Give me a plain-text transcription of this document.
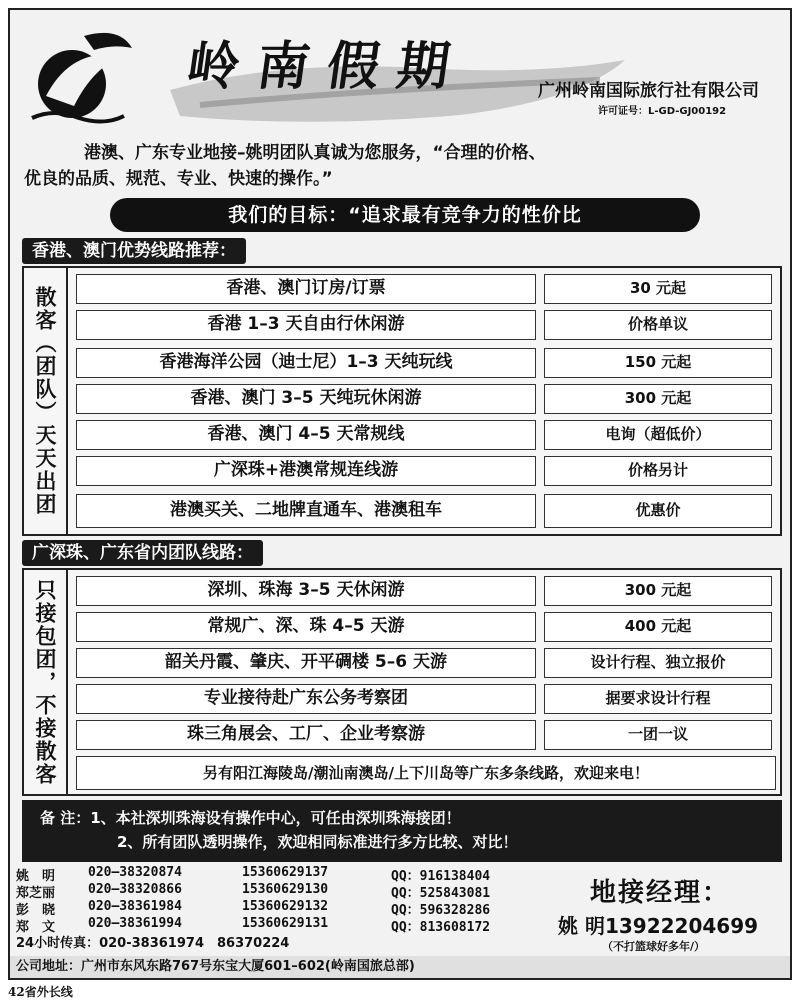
岭南假期	广州岭南国际旅行社有限公司
许可证号：L-GD-GJ00192
港澳、广东专业地接–姚明团队真诚为您服务，“合理的价格、
优良的品质、规范、专业、快速的操作。”
我们的目标：“追求最有竞争力的性价比
香港、澳门优势线路推荐：
散客（团队）天天出团	香港、澳门订房/订票	30 元起
香港 1–3 天自由行休闲游	价格单议
香港海洋公园（迪士尼）1–3 天纯玩线	150 元起
香港、澳门 3–5 天纯玩休闲游	300 元起
香港、澳门 4–5 天常规线	电询（超低价）
广深珠+港澳常规连线游	价格另计
港澳买关、二地牌直通车、港澳租车	优惠价
广深珠、广东省内团队线路：
只接包团，不接散客	深圳、珠海 3–5 天休闲游	300 元起
常规广、深、珠 4–5 天游	400 元起
韶关丹霞、肇庆、开平碉楼 5–6 天游	设计行程、独立报价
专业接待赴广东公务考察团	据要求设计行程
珠三角展会、工厂、企业考察游	一团一议
另有阳江海陵岛/潮汕南澳岛/上下川岛等广东多条线路，欢迎来电！
备 注：1、本社深圳珠海设有操作中心，可任由深圳珠海接团！
2、所有团队透明操作，欢迎相同标准进行多方比较、对比！
姚　明	020—38320874	15360629137	QQ：916138404
郑芝丽	020—38320866	15360629130	QQ：525843081
彭　晓	020—38361984	15360629132	QQ：596328286
郑　文	020—38361994	15360629131	QQ：813608172
24小时传真：020-38361974　86370224
地接经理：
姚 明13922204699
（不打篮球好多年/）
公司地址：广州市东风东路767号东宝大厦601–602(岭南国旅总部)
42省外长线
